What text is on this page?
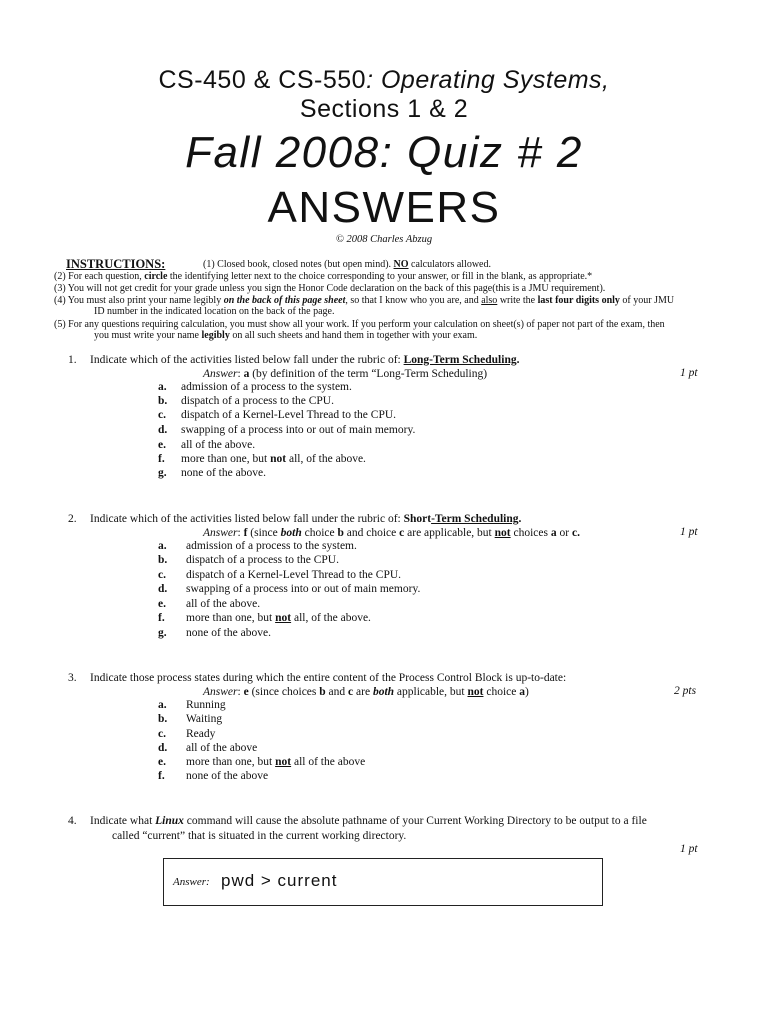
CS-450 & CS-550: Operating Systems,
Sections 1 & 2
Fall 2008: Quiz # 2
ANSWERS
© 2008 Charles Abzug
INSTRUCTIONS:	(1) Closed book, closed notes (but open mind). NO calculators allowed.
(2) For each question, circle the identifying letter next to the choice corresponding to your answer, or fill in the blank, as appropriate.*
(3) You will not get credit for your grade unless you sign the Honor Code declaration on the back of this page(this is a JMU requirement).
(4) You must also print your name legibly on the back of this page sheet, so that I know who you are, and also write the last four digits only of your JMU
ID number in the indicated location on the back of the page.
(5) For any questions requiring calculation, you must show all your work. If you perform your calculation on sheet(s) of paper not part of the exam, then
you must write your name legibly on all such sheets and hand them in together with your exam.
1. Indicate which of the activities listed below fall under the rubric of: Long-Term Scheduling.
Answer: a (by definition of the term “Long-Term Scheduling)	1 pt
a. admission of a process to the system.
b. dispatch of a process to the CPU.
c. dispatch of a Kernel-Level Thread to the CPU.
d. swapping of a process into or out of main memory.
e. all of the above.
f. more than one, but not all, of the above.
g. none of the above.
2. Indicate which of the activities listed below fall under the rubric of: Short-Term Scheduling.
Answer: f (since both choice b and choice c are applicable, but not choices a or c.	1 pt
a. admission of a process to the system.
b. dispatch of a process to the CPU.
c. dispatch of a Kernel-Level Thread to the CPU.
d. swapping of a process into or out of main memory.
e. all of the above.
f. more than one, but not all, of the above.
g. none of the above.
3. Indicate those process states during which the entire content of the Process Control Block is up-to-date:
Answer: e (since choices b and c are both applicable, but not choice a)	2 pts
a. Running
b. Waiting
c. Ready
d. all of the above
e. more than one, but not all of the above
f. none of the above
4. Indicate what Linux command will cause the absolute pathname of your Current Working Directory to be output to a file
called “current” that is situated in the current working directory.
1 pt
Answer: pwd > current
